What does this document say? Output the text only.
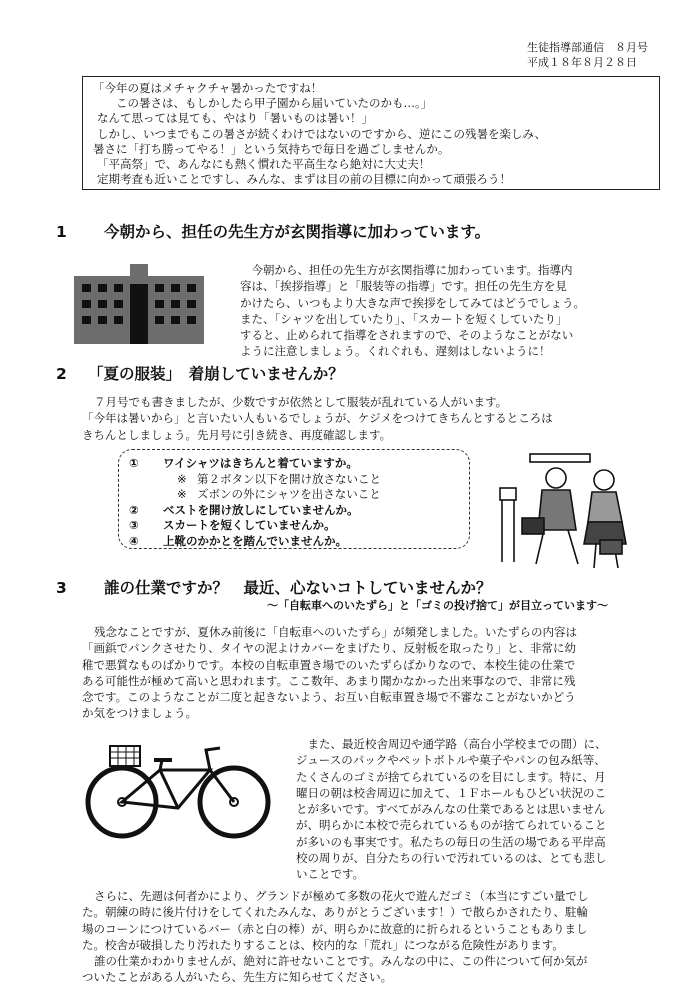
生徒指導部通信　８月号
平成１８年８月２８日

「今年の夏はメチャクチャ暑かったですね！

　　この暑さは、もしかしたら甲子園から届いていたのかも…。」

なんて思っては見ても、やはり「暑いものは暑い！」

しかし、いつまでもこの暑さが続くわけではないのですから、逆にこの残暑を楽しみ、

暑さに「打ち勝ってやる！」という気持ちで毎日を過ごしませんか。

「平高祭」で、あんなにも熱く慣れた平高生なら絶対に大丈夫！

定期考査も近いことですし、みんな、まずは目の前の目標に向かって頑張ろう！

1 今朝から、担任の先生方が玄関指導に加わっています。

　今朝から、担任の先生方が玄関指導に加わっています。指導内

容は、「挨拶指導」と「服装等の指導」です。担任の先生方を見

かけたら、いつもより大きな声で挨拶をしてみてはどうでしょう。

また、「シャツを出していたり」、「スカートを短くしていたり」

すると、止められて指導をされますので、そのようなことがない

ように注意しましょう。くれぐれも、遅刻はしないように！

2 「夏の服装」　着崩していませんか？

７月号でも書きましたが、少数ですが依然として服装が乱れている人がいます。

「今年は暑いから」と言いたい人もいるでしょうが、ケジメをつけてきちんとするところは

きちんとしましょう。先月号に引き続き、再度確認します。

① ワイシャツはきちんと着ていますか。

※ 第２ボタン以下を開け放さないこと

※ ズボンの外にシャツを出さないこと

② ベストを開け放しにしていませんか。

③ スカートを短くしていませんか。

④ 上靴のかかとを踏んでいませんか。

3 誰の仕業ですか？　最近、心ないコトしていませんか？
～「自転車へのいたずら」と「ゴミの投げ捨て」が目立っています～

残念なことですが、夏休み前後に「自転車へのいたずら」が頻発しました。いたずらの内容は

「画鋲でパンクさせたり、タイヤの泥よけカバーをまげたり、反射板を取ったり」と、非常に幼

稚で悪質なものばかりです。本校の自転車置き場でのいたずらばかりなので、本校生徒の仕業で

ある可能性が極めて高いと思われます。ここ数年、あまり聞かなかった出来事なので、非常に残

念です。このようなことが二度と起きないよう、お互い自転車置き場で不審なことがないかどう

か気をつけましょう。

　また、最近校舎周辺や通学路（高台小学校までの間）に、

ジュースのパックやペットボトルや菓子やパンの包み紙等、

たくさんのゴミが捨てられているのを目にします。特に、月

曜日の朝は校舎周辺に加えて、１Ｆホールもひどい状況のこ

とが多いです。すべてがみんなの仕業であるとは思いません

が、明らかに本校で売られているものが捨てられていること

が多いのも事実です。私たちの毎日の生活の場である平岸高

校の周りが、自分たちの行いで汚れているのは、とても悲し

いことです。

さらに、先週は何者かにより、グランドが極めて多数の花火で遊んだゴミ（本当にすごい量でし

た。朝練の時に後片付けをしてくれたみんな、ありがとうございます！）で散らかされたり、駐輪

場のコーンにつけているバー（赤と白の棒）が、明らかに故意的に折られるということもありまし

た。校舎が破損したり汚れたりすることは、校内的な「荒れ」につながる危険性があります。

誰の仕業かわかりませんが、絶対に許せないことです。みんなの中に、この件について何か気が

ついたことがある人がいたら、先生方に知らせてください。
